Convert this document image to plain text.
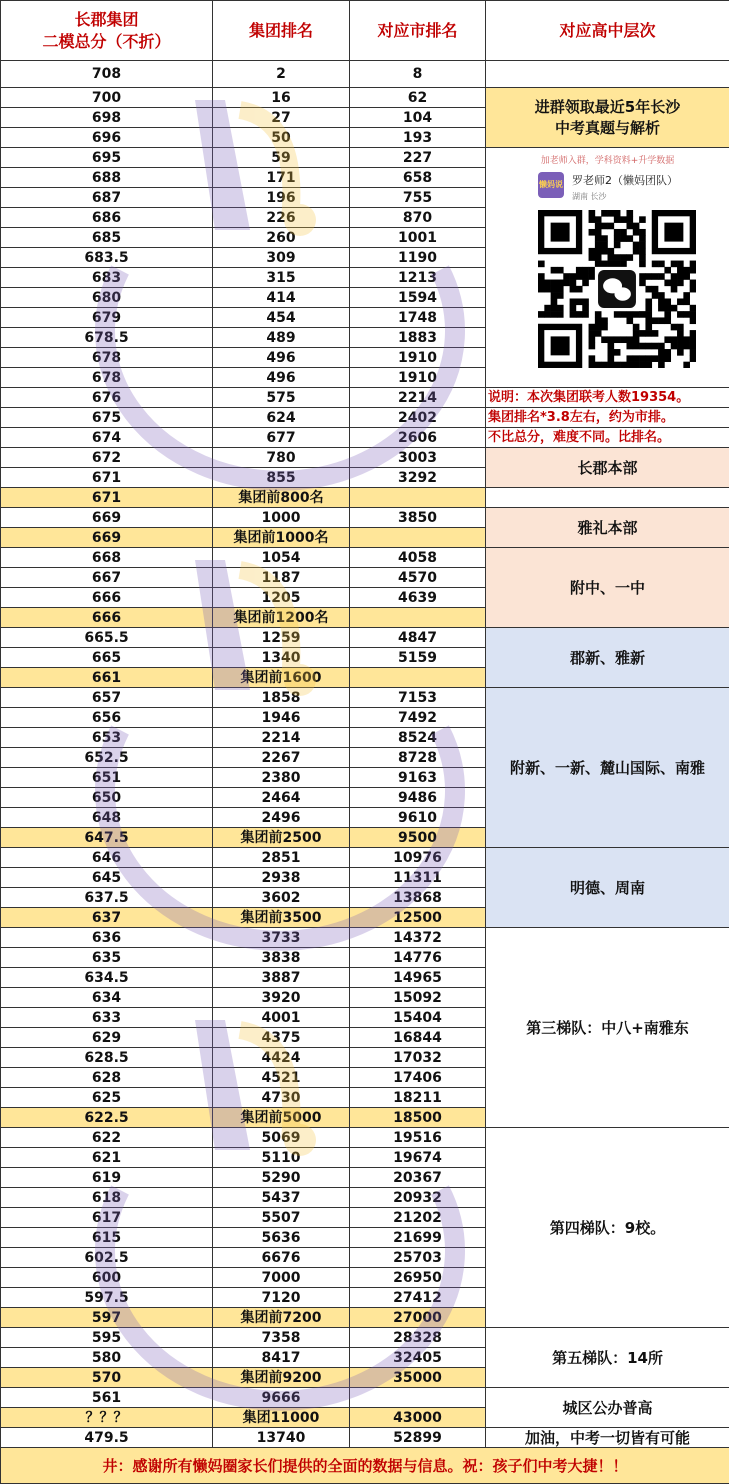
长郡集团
二模总分（不折）	集团排名	对应市排名	对应高中层次
708	2	8	
700	16	62	进群领取最近5年长沙
中考真题与解析

698	27	104	
696	50	193	
695	59	227	加老师入群，学科资料+升学数据
懒妈说 罗老师2（懒妈团队）
湖南 长沙

688	171	658	
687	196	755	
686	226	870	
685	260	1001	
683.5	309	1190	
683	315	1213	
680	414	1594	
679	454	1748	
678.5	489	1883	
678	496	1910	
678	496	1910	
676	575	2214	说明：本次集团联考人数19354。
675	624	2402	集团排名*3.8左右，约为市排。
674	677	2606	不比总分，难度不同。比排名。
672	780	3003	长郡本部
671	855	3292	
671	集团前800名		
669	1000	3850	雅礼本部
669	集团前1000名		
668	1054	4058	附中、一中
667	1187	4570	
666	1205	4639	
666	集团前1200名		
665.5	1259	4847	郡新、雅新
665	1340	5159	
661	集团前1600		
657	1858	7153	附新、一新、麓山国际、南雅
656	1946	7492	
653	2214	8524	
652.5	2267	8728	
651	2380	9163	
650	2464	9486	
648	2496	9610	
647.5	集团前2500	9500	
646	2851	10976	明德、周南
645	2938	11311	
637.5	3602	13868	
637	集团前3500	12500	
636	3733	14372	第三梯队：中八+南雅东
635	3838	14776	
634.5	3887	14965	
634	3920	15092	
633	4001	15404	
629	4375	16844	
628.5	4424	17032	
628	4521	17406	
625	4730	18211	
622.5	集团前5000	18500	
622	5069	19516	第四梯队：9校。
621	5110	19674	
619	5290	20367	
618	5437	20932	
617	5507	21202	
615	5636	21699	
602.5	6676	25703	
600	7000	26950	
597.5	7120	27412	
597	集团前7200	27000	
595	7358	28328	第五梯队：14所
580	8417	32405	
570	集团前9200	35000	
561	9666		城区公办普高
？？？	集团11000	43000	
479.5	13740	52899	加油，中考一切皆有可能
井：感谢所有懒妈圈家长们提供的全面的数据与信息。祝：孩子们中考大捷！！			
